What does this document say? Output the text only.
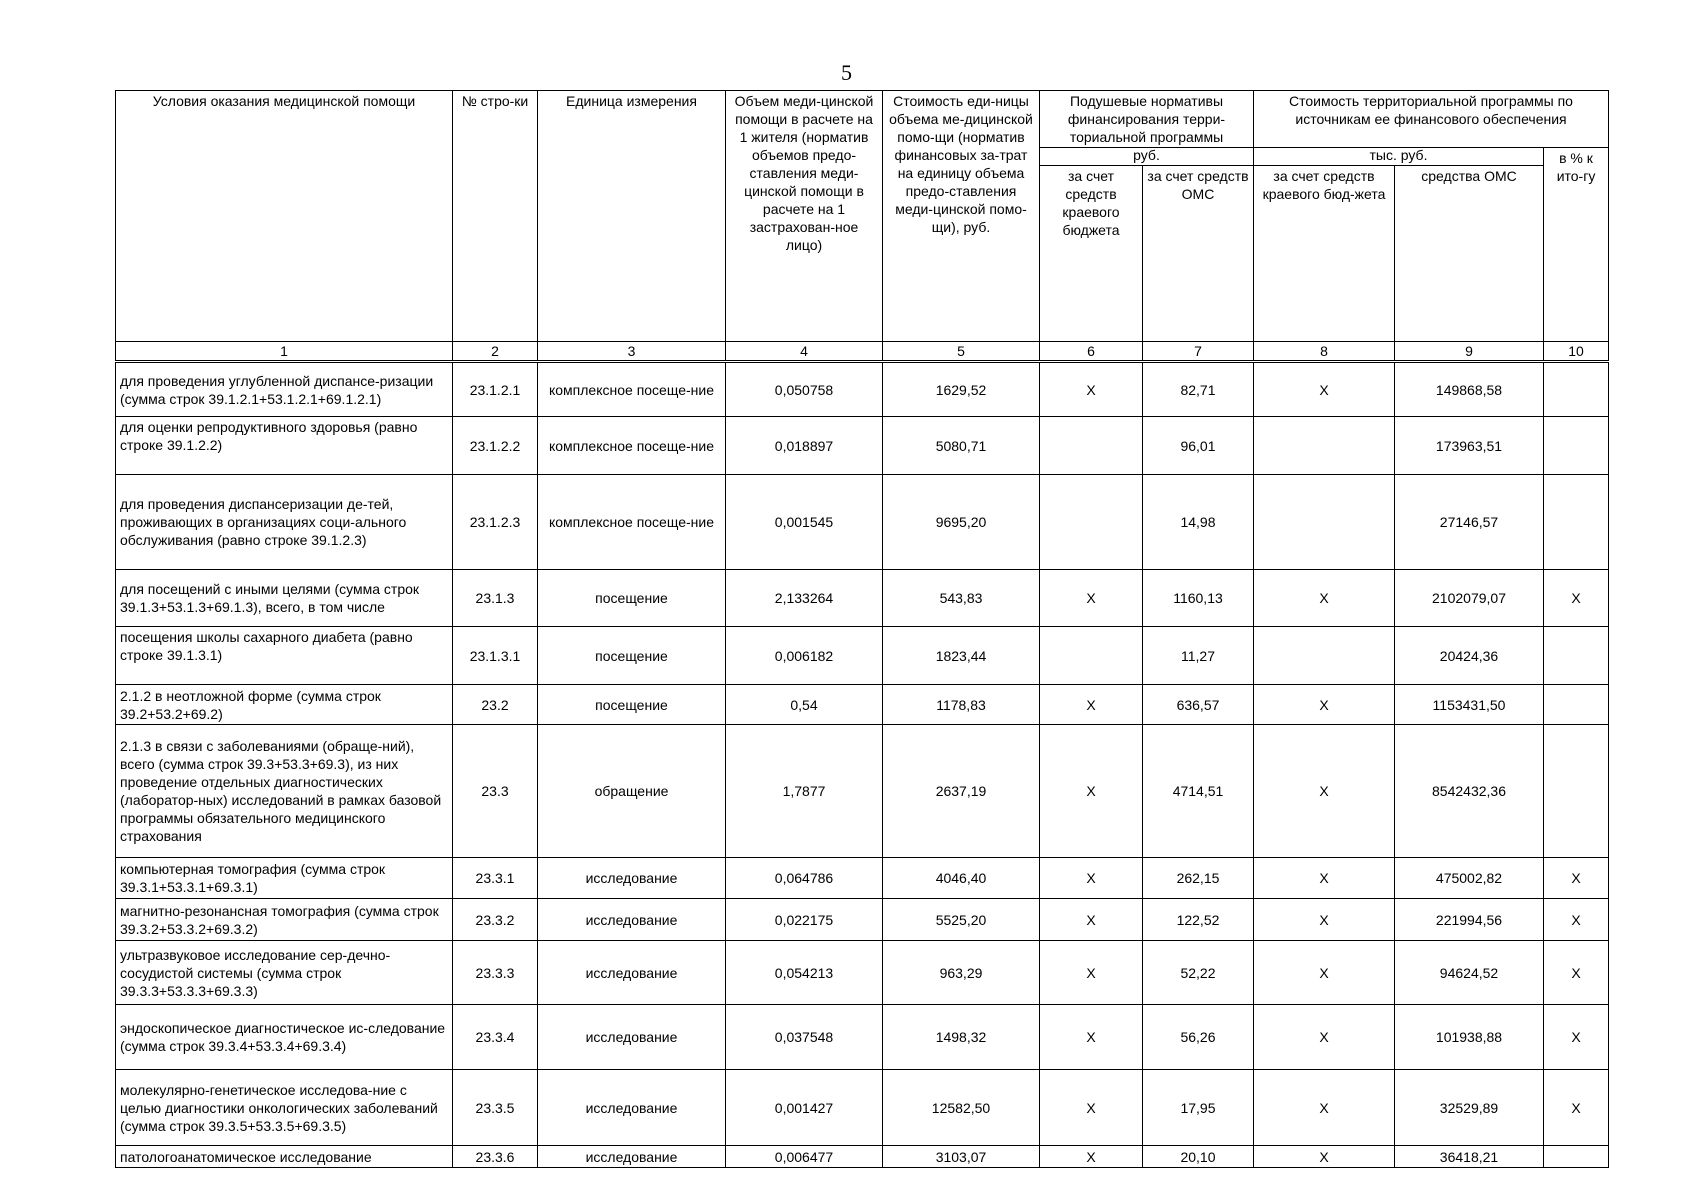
5
Условия оказания медицинской помощи	№ стро-ки	Единица измерения	Объем меди-цинской помощи в расчете на 1 жителя (норматив объемов предо-ставления меди-цинской помощи в расчете на 1 застрахован-ное лицо)	Стоимость еди-ницы объема ме-дицинской помо-щи (норматив финансовых за-трат на единицу объема предо-ставления меди-цинской помо-щи), руб.	Подушевые нормативы финансирования терри-ториальной программы		Стоимость территориальной программы по источникам ее финансового обеспечения		
					руб.		тыс. руб.		в % к ито-гу
					за счет средств краевого бюджета	за счет средств ОМС	за счет средств краевого бюд-жета	средства ОМС	
1	2	3	4	5	6	7	8	9	10
для проведения углубленной диспансе-ризации (сумма строк 39.1.2.1+53.1.2.1+69.1.2.1)	23.1.2.1	комплексное посеще-ние	0,050758	1629,52	X	82,71	X	149868,58	
для оценки репродуктивного здоровья (равно строке 39.1.2.2)	23.1.2.2	комплексное посеще-ние	0,018897	5080,71		96,01		173963,51	
для проведения диспансеризации де-тей, проживающих в организациях соци-ального обслуживания (равно строке 39.1.2.3)	23.1.2.3	комплексное посеще-ние	0,001545	9695,20		14,98		27146,57	
для посещений с иными целями (сумма строк 39.1.3+53.1.3+69.1.3), всего, в том числе	23.1.3	посещение	2,133264	543,83	X	1160,13	X	2102079,07	X
посещения школы сахарного диабета (равно строке 39.1.3.1)	23.1.3.1	посещение	0,006182	1823,44		11,27		20424,36	
2.1.2 в неотложной форме (сумма строк 39.2+53.2+69.2)	23.2	посещение	0,54	1178,83	X	636,57	X	1153431,50	
2.1.3 в связи с заболеваниями (обраще-ний), всего (сумма строк 39.3+53.3+69.3), из них проведение отдельных диагностических (лаборатор-ных) исследований в рамках базовой программы обязательного медицинского страхования	23.3	обращение	1,7877	2637,19	X	4714,51	X	8542432,36	
компьютерная томография (сумма строк 39.3.1+53.3.1+69.3.1)	23.3.1	исследование	0,064786	4046,40	X	262,15	X	475002,82	X
магнитно-резонансная томография (сумма строк 39.3.2+53.3.2+69.3.2)	23.3.2	исследование	0,022175	5525,20	X	122,52	X	221994,56	X
ультразвуковое исследование сер-дечно-сосудистой системы (сумма строк 39.3.3+53.3.3+69.3.3)	23.3.3	исследование	0,054213	963,29	X	52,22	X	94624,52	X
эндоскопическое диагностическое ис-следование (сумма строк 39.3.4+53.3.4+69.3.4)	23.3.4	исследование	0,037548	1498,32	X	56,26	X	101938,88	X
молекулярно-генетическое исследова-ние с целью диагностики онкологических заболеваний (сумма строк 39.3.5+53.3.5+69.3.5)	23.3.5	исследование	0,001427	12582,50	X	17,95	X	32529,89	X
патологоанатомическое исследование	23.3.6	исследование	0,006477	3103,07	X	20,10	X	36418,21	
